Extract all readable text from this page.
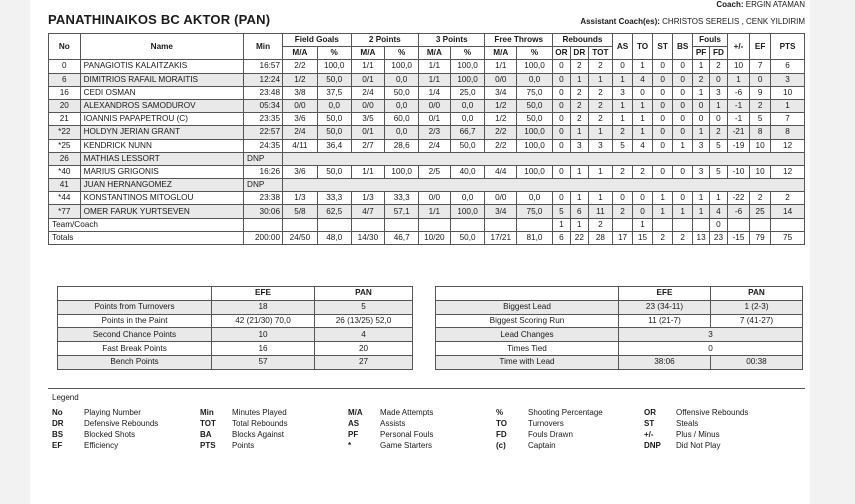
Coach: ERGIN ATAMAN
PANATHINAIKOS BC AKTOR (PAN)	Assistant Coach(es): CHRISTOS SERELIS , CENK YILDIRIM
No	Name	Min	Field Goals		2 Points		3 Points		Free Throws		Rebounds			AS	TO	ST	BS	Fouls		+/-	EF	PTS
			M/A	%	M/A	%	M/A	%	M/A	%	OR	DR	TOT					PF	FD			
0	PANAGIOTIS KALAITZAKIS	16:57	2/2	100,0	1/1	100,0	1/1	100,0	1/1	100,0	0	2	2	0	1	0	0	1	2	10	7	6
6	DIMITRIOS RAFAIL MORAITIS	12:24	1/2	50,0	0/1	0,0	1/1	100,0	0/0	0,0	0	1	1	1	4	0	0	2	0	1	0	3
16	CEDI OSMAN	23:48	3/8	37,5	2/4	50,0	1/4	25,0	3/4	75,0	0	2	2	3	0	0	0	1	3	-6	9	10
20	ALEXANDROS SAMODUROV	05:34	0/0	0,0	0/0	0,0	0/0	0,0	1/2	50,0	0	2	2	1	1	0	0	0	1	-1	2	1
21	IOANNIS PAPAPETROU (C)	23:35	3/6	50,0	3/5	60,0	0/1	0,0	1/2	50,0	0	2	2	1	1	0	0	0	0	-1	5	7
*22	HOLDYN JERIAN GRANT	22:57	2/4	50,0	0/1	0,0	2/3	66,7	2/2	100,0	0	1	1	2	1	0	0	1	2	-21	8	8
*25	KENDRICK NUNN	24:35	4/11	36,4	2/7	28,6	2/4	50,0	2/2	100,0	0	3	3	5	4	0	1	3	5	-19	10	12
26	MATHIAS LESSORT	DNP																				
*40	MARIUS GRIGONIS	16:26	3/6	50,0	1/1	100,0	2/5	40,0	4/4	100,0	0	1	1	2	2	0	0	3	5	-10	10	12
41	JUAN HERNANGOMEZ	DNP																				
*44	KONSTANTINOS MITOGLOU	23:38	1/3	33,3	1/3	33,3	0/0	0,0	0/0	0,0	0	1	1	0	0	1	0	1	1	-22	2	2
*77	OMER FARUK YURTSEVEN	30:06	5/8	62,5	4/7	57,1	1/1	100,0	3/4	75,0	5	6	11	2	0	1	1	1	4	-6	25	14
Team/Coach											1	1	2		1				0			
Totals		200:00	24/50	48,0	14/30	46,7	10/20	50,0	17/21	81,0	6	22	28	17	15	2	2	13	23	-15	79	75
	EFE	PAN
Points from Turnovers	18	5
Points in the Paint	42 (21/30) 70,0	26 (13/25) 52,0
Second Chance Points	10	4
Fast Break Points	16	20
Bench Points	57	27
	EFE	PAN
Biggest Lead	23 (34-11)	1 (2-3)
Biggest Scoring Run	11 (21-7)	7 (41-27)
Lead Changes	3	
Times Tied	0	
Time with Lead	38:06	00:38
Legend
No	Playing Number
DR	Defensive Rebounds
BS	Blocked Shots
EF	Efficiency
Min Minutes Played
TOT Total Rebounds
BA	Blocks Against
PTS Points
M/A Made Attempts
AS	Assists
PF	Personal Fouls
*	Game Starters
%	Shooting Percentage
TO	Turnovers
FD	Fouls Drawn
(c)	Captain
OR	Offensive Rebounds
ST	Steals
+/-	Plus / Minus
DNP Did Not Play
